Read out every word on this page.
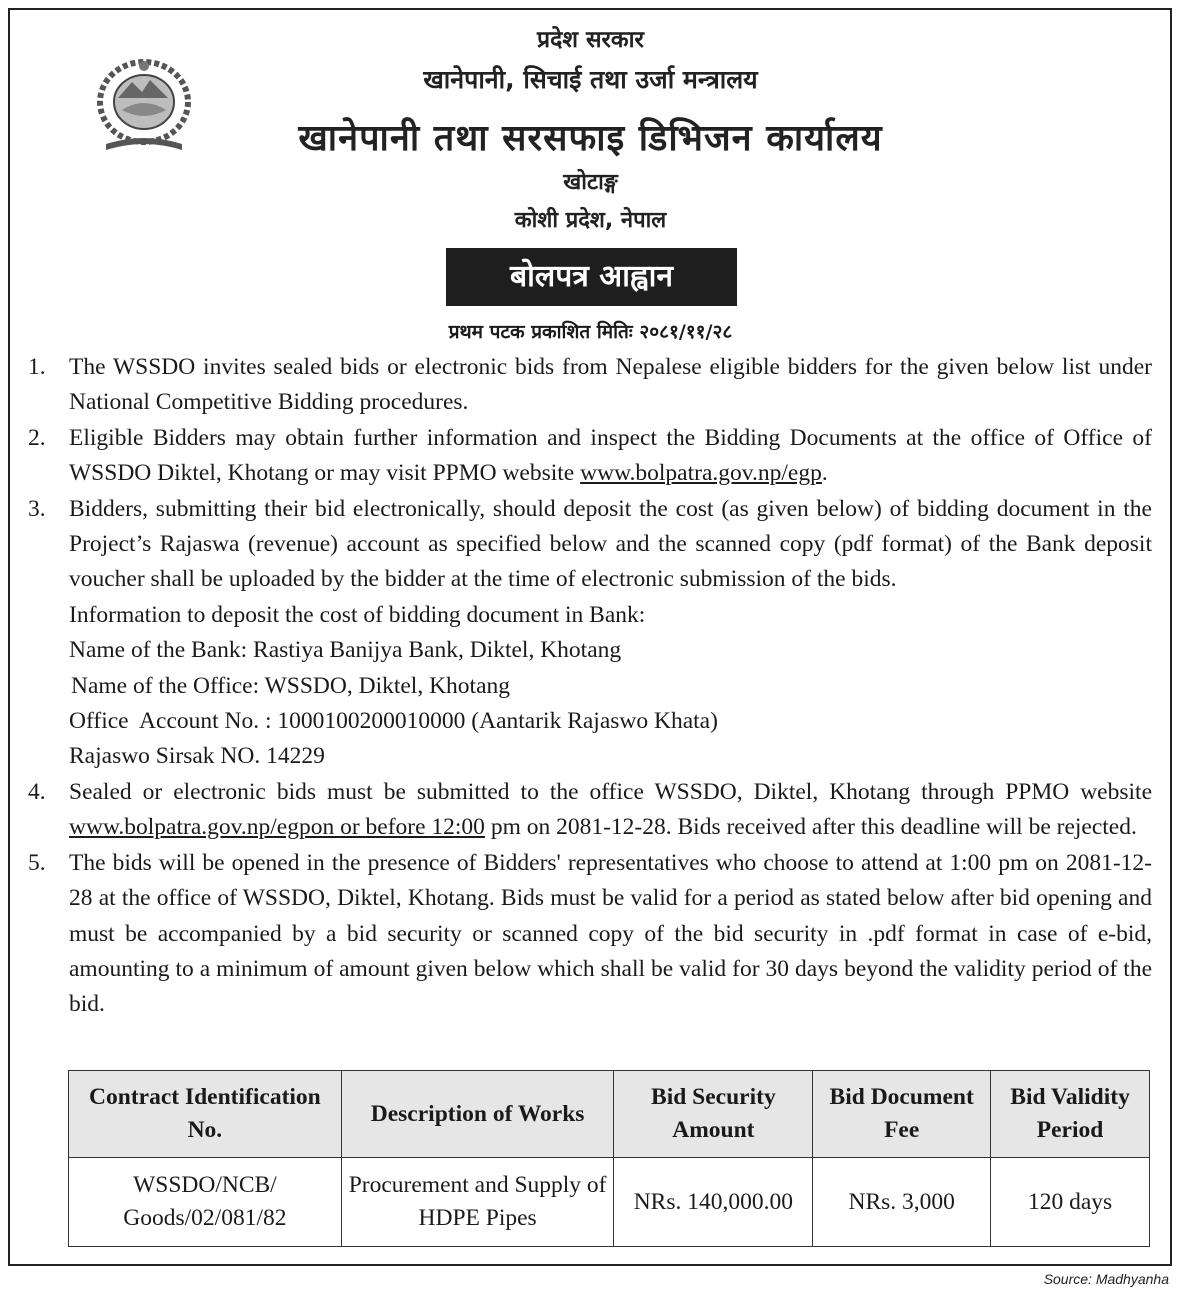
प्रदेश सरकार
खानेपानी, सिचाई तथा उर्जा मन्त्रालय
खानेपानी तथा सरसफाइ डिभिजन कार्यालय
खोटाङ्ग
कोशी प्रदेश, नेपाल
बोलपत्र आह्वान
प्रथम पटक प्रकाशित मितिः २०८१/११/२८
1. The WSSDO invites sealed bids or electronic bids from Nepalese eligible bidders for the given below list under National Competitive Bidding procedures.
2. Eligible Bidders may obtain further information and inspect the Bidding Documents at the office of Office of WSSDO Diktel, Khotang or may visit PPMO website www.bolpatra.gov.np/egp.
3. Bidders, submitting their bid electronically, should deposit the cost (as given below) of bidding document in the Project’s Rajaswa (revenue) account as specified below and the scanned copy (pdf format) of the Bank deposit voucher shall be uploaded by the bidder at the time of electronic submission of the bids.
Information to deposit the cost of bidding document in Bank:
Name of the Bank: Rastiya Banijya Bank, Diktel, Khotang
Name of the Office: WSSDO, Diktel, Khotang
Office  Account No. : 1000100200010000 (Aantarik Rajaswo Khata)
Rajaswo Sirsak NO. 14229
4. Sealed or electronic bids must be submitted to the office WSSDO, Diktel, Khotang through PPMO website www.bolpatra.gov.np/egpon or before 12:00 pm on 2081-12-28. Bids received after this deadline will be rejected.
5. The bids will be opened in the presence of Bidders' representatives who choose to attend at 1:00 pm on 2081-12-28 at the office of WSSDO, Diktel, Khotang. Bids must be valid for a period as stated below after bid opening and must be accompanied by a bid security or scanned copy of the bid security in .pdf format in case of e-bid, amounting to a minimum of amount given below which shall be valid for 30 days beyond the validity period of the bid.
Contract Identification No.	Description of Works	Bid Security Amount	Bid Document Fee	Bid Validity Period
WSSDO/NCB/ Goods/02/081/82	Procurement and Supply of HDPE Pipes	NRs. 140,000.00	NRs. 3,000	120 days
Source: Madhyanha
